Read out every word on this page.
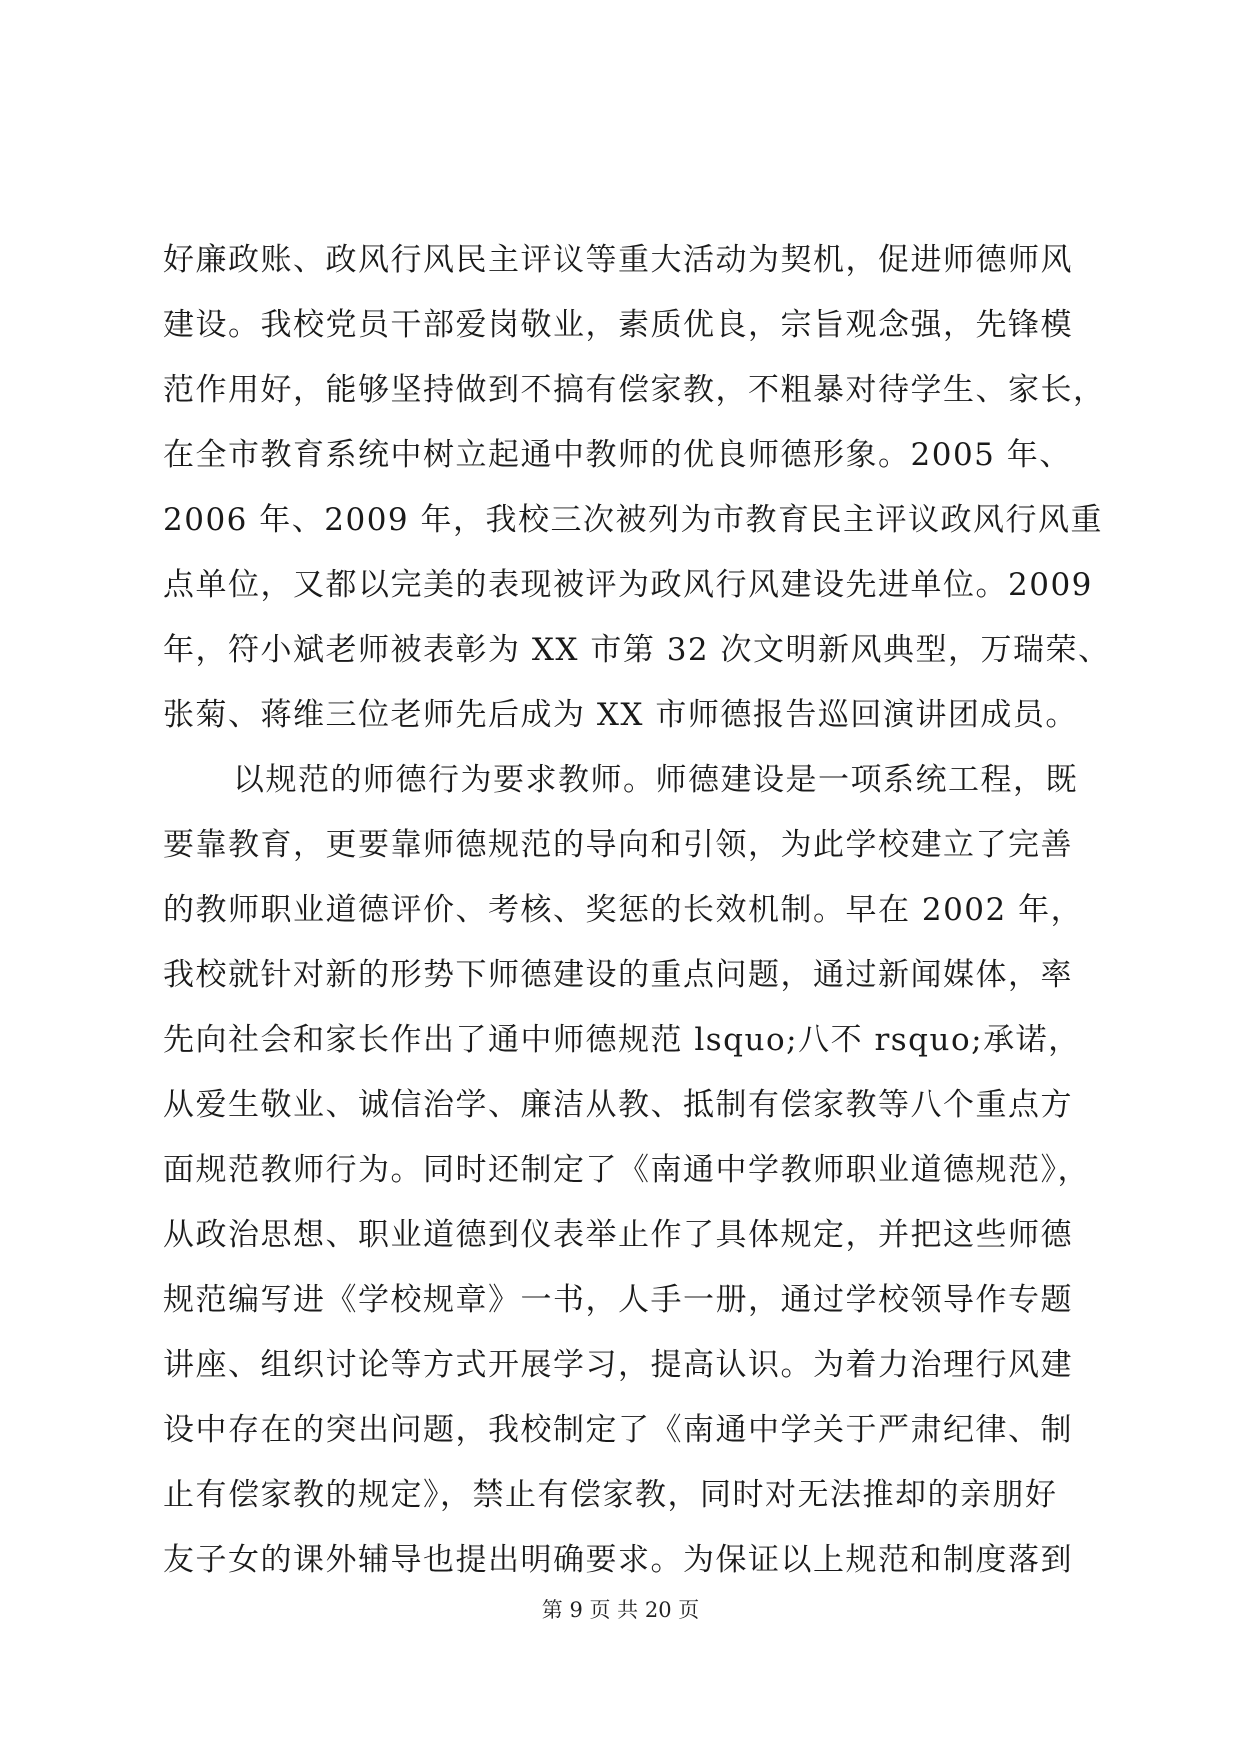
好廉政账、政风行风民主评议等重大活动为契机，促进师德师风
建设。我校党员干部爱岗敬业，素质优良，宗旨观念强，先锋模
范作用好，能够坚持做到不搞有偿家教，不粗暴对待学生、家长，
在全市教育系统中树立起通中教师的优良师德形象。2005 年、
2006 年、2009 年，我校三次被列为市教育民主评议政风行风重
点单位，又都以完美的表现被评为政风行风建设先进单位。2009
年，符小斌老师被表彰为 XX 市第 32 次文明新风典型，万瑞荣、
张菊、蒋维三位老师先后成为 XX 市师德报告巡回演讲团成员。
以规范的师德行为要求教师。师德建设是一项系统工程，既
要靠教育，更要靠师德规范的导向和引领，为此学校建立了完善
的教师职业道德评价、考核、奖惩的长效机制。早在 2002 年，
我校就针对新的形势下师德建设的重点问题，通过新闻媒体，率
先向社会和家长作出了通中师德规范 lsquo;八不 rsquo;承诺，
从爱生敬业、诚信治学、廉洁从教、抵制有偿家教等八个重点方
面规范教师行为。同时还制定了《南通中学教师职业道德规范》，
从政治思想、职业道德到仪表举止作了具体规定，并把这些师德
规范编写进《学校规章》一书，人手一册，通过学校领导作专题
讲座、组织讨论等方式开展学习，提高认识。为着力治理行风建
设中存在的突出问题，我校制定了《南通中学关于严肃纪律、制
止有偿家教的规定》，禁止有偿家教，同时对无法推却的亲朋好
友子女的课外辅导也提出明确要求。为保证以上规范和制度落到
第 9 页 共 20 页
